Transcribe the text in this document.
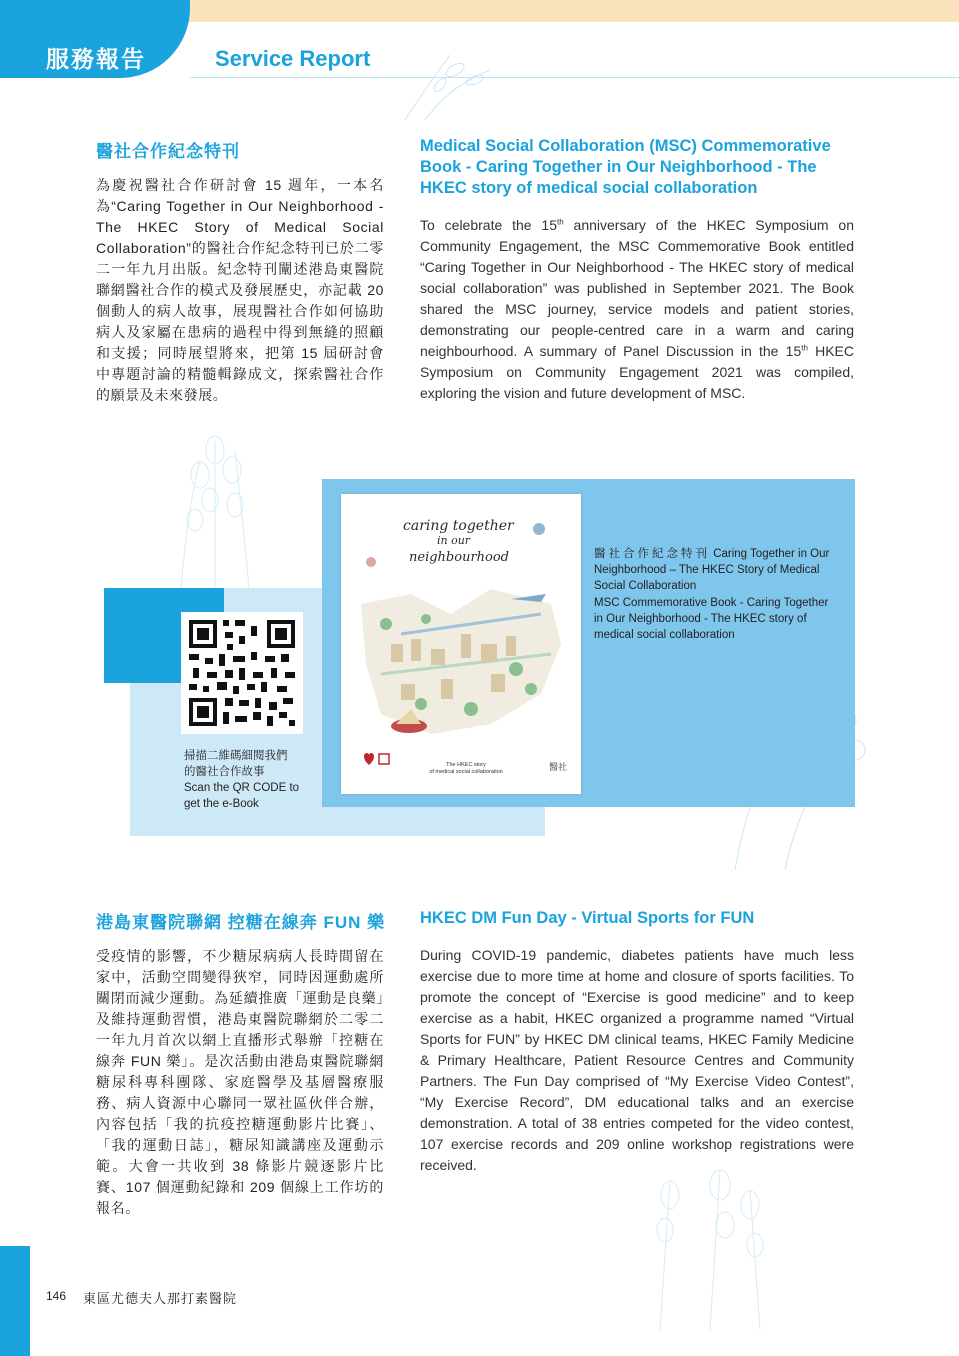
服務報告	Service Report
醫社合作紀念特刊
為慶祝醫社合作研討會 15 週年，一本名為“Caring Together in Our Neighborhood - The HKEC Story of Medical Social Collaboration”的醫社合作紀念特刊已於二零二一年九月出版。紀念特刊闡述港島東醫院聯網醫社合作的模式及發展歷史，亦記載 20 個動人的病人故事，展現醫社合作如何協助病人及家屬在患病的過程中得到無縫的照顧和支援；同時展望將來，把第 15 屆研討會中專題討論的精髓輯錄成文，探索醫社合作的願景及未來發展。
Medical Social Collaboration (MSC) Commemorative Book - Caring Together in Our Neighborhood - The HKEC story of medical social collaboration
To celebrate the 15th anniversary of the HKEC Symposium on Community Engagement, the MSC Commemorative Book entitled “Caring Together in Our Neighborhood - The HKEC story of medical social collaboration” was published in September 2021. The Book shared the MSC journey, service models and patient stories, demonstrating our people-centred care in a warm and caring neighbourhood. A summary of Panel Discussion in the 15th HKEC Symposium on Community Engagement 2021 was compiled, exploring the vision and future development of MSC.
掃描二維碼細閱我們
的醫社合作故事
Scan the QR CODE to
get the e-Book
caring together
in our
neighbourhood
The HKEC story
of medical social collaboration	醫社
醫社合作紀念特刊 Caring Together in Our Neighborhood – The HKEC Story of Medical Social Collaboration
MSC Commemorative Book - Caring Together in Our Neighborhood - The HKEC story of medical social collaboration
港島東醫院聯網 控糖在線奔 FUN 樂
受疫情的影響，不少糖尿病病人長時間留在家中，活動空間變得狹窄，同時因運動處所關閉而減少運動。為延續推廣「運動是良藥」及維持運動習慣，港島東醫院聯網於二零二一年九月首次以網上直播形式舉辦「控糖在線奔 FUN 樂」。是次活動由港島東醫院聯網糖尿科專科團隊、家庭醫學及基層醫療服務、病人資源中心聯同一眾社區伙伴合辦，內容包括「我的抗疫控糖運動影片比賽」、「我的運動日誌」，糖尿知識講座及運動示範。大會一共收到 38 條影片競逐影片比賽、107 個運動紀錄和 209 個線上工作坊的報名。
HKEC DM Fun Day - Virtual Sports for FUN
During COVID-19 pandemic, diabetes patients have much less exercise due to more time at home and closure of sports facilities. To promote the concept of “Exercise is good medicine” and to keep exercise as a habit, HKEC organized a programme named “Virtual Sports for FUN” by HKEC DM clinical teams, HKEC Family Medicine & Primary Healthcare, Patient Resource Centres and Community Partners. The Fun Day comprised of “My Exercise Video Contest”, “My Exercise Record”, DM educational talks and an exercise demonstration. A total of 38 entries competed for the video contest, 107 exercise records and 209 online workshop registrations were received.
146 東區尤德夫人那打素醫院
